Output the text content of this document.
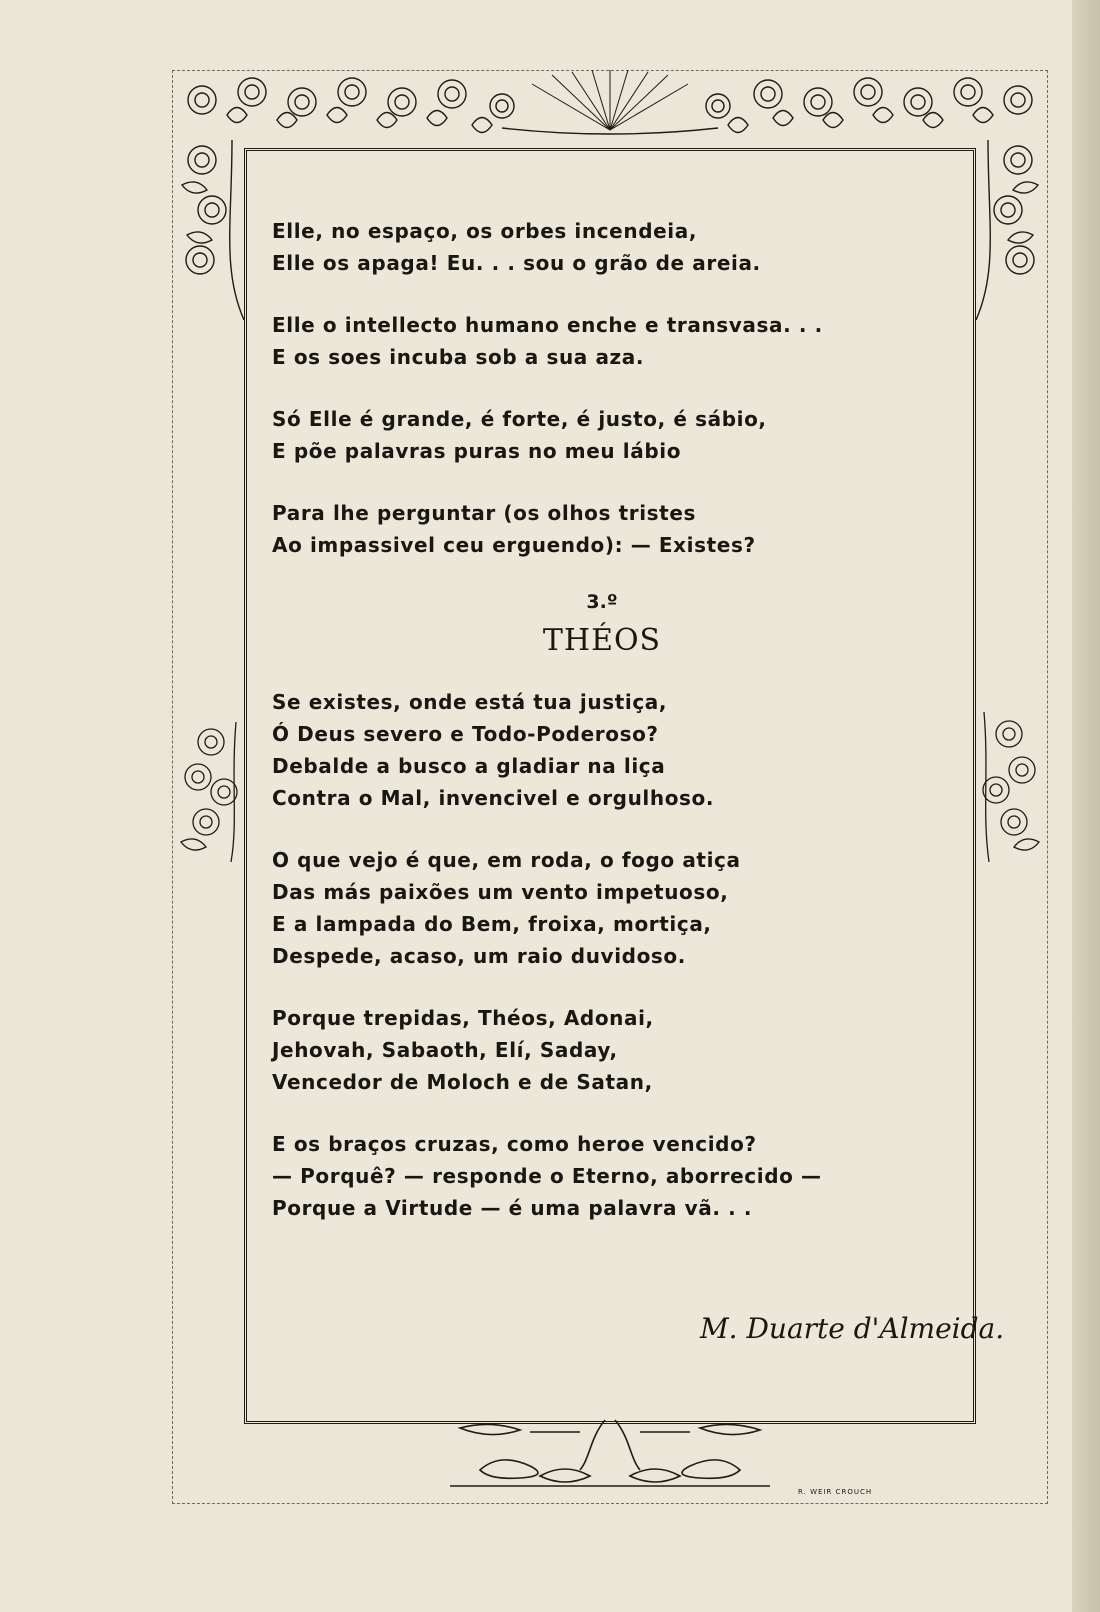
Elle, no espaço, os orbes incendeia,
Elle os apaga! Eu. . . sou o grão de areia.
Elle o intellecto humano enche e transvasa. . .
E os soes incuba sob a sua aza.
Só Elle é grande, é forte, é justo, é sábio,
E põe palavras puras no meu lábio
Para lhe perguntar (os olhos tristes
Ao impassivel ceu erguendo): — Existes?
3.º
THÉOS
Se existes, onde está tua justiça,
Ó Deus severo e Todo-Poderoso?
Debalde a busco a gladiar na liça
Contra o Mal, invencivel e orgulhoso.
O que vejo é que, em roda, o fogo atiça
Das más paixões um vento impetuoso,
E a lampada do Bem, froixa, mortiça,
Despede, acaso, um raio duvidoso.
Porque trepidas, Théos, Adonai,
Jehovah, Sabaoth, Elí, Saday,
Vencedor de Moloch e de Satan,
E os braços cruzas, como heroe vencido?
— Porquê? — responde o Eterno, aborrecido —
Porque a Virtude — é uma palavra vã. . .
M. Duarte d'Almeida.
R. WEIR CROUCH
